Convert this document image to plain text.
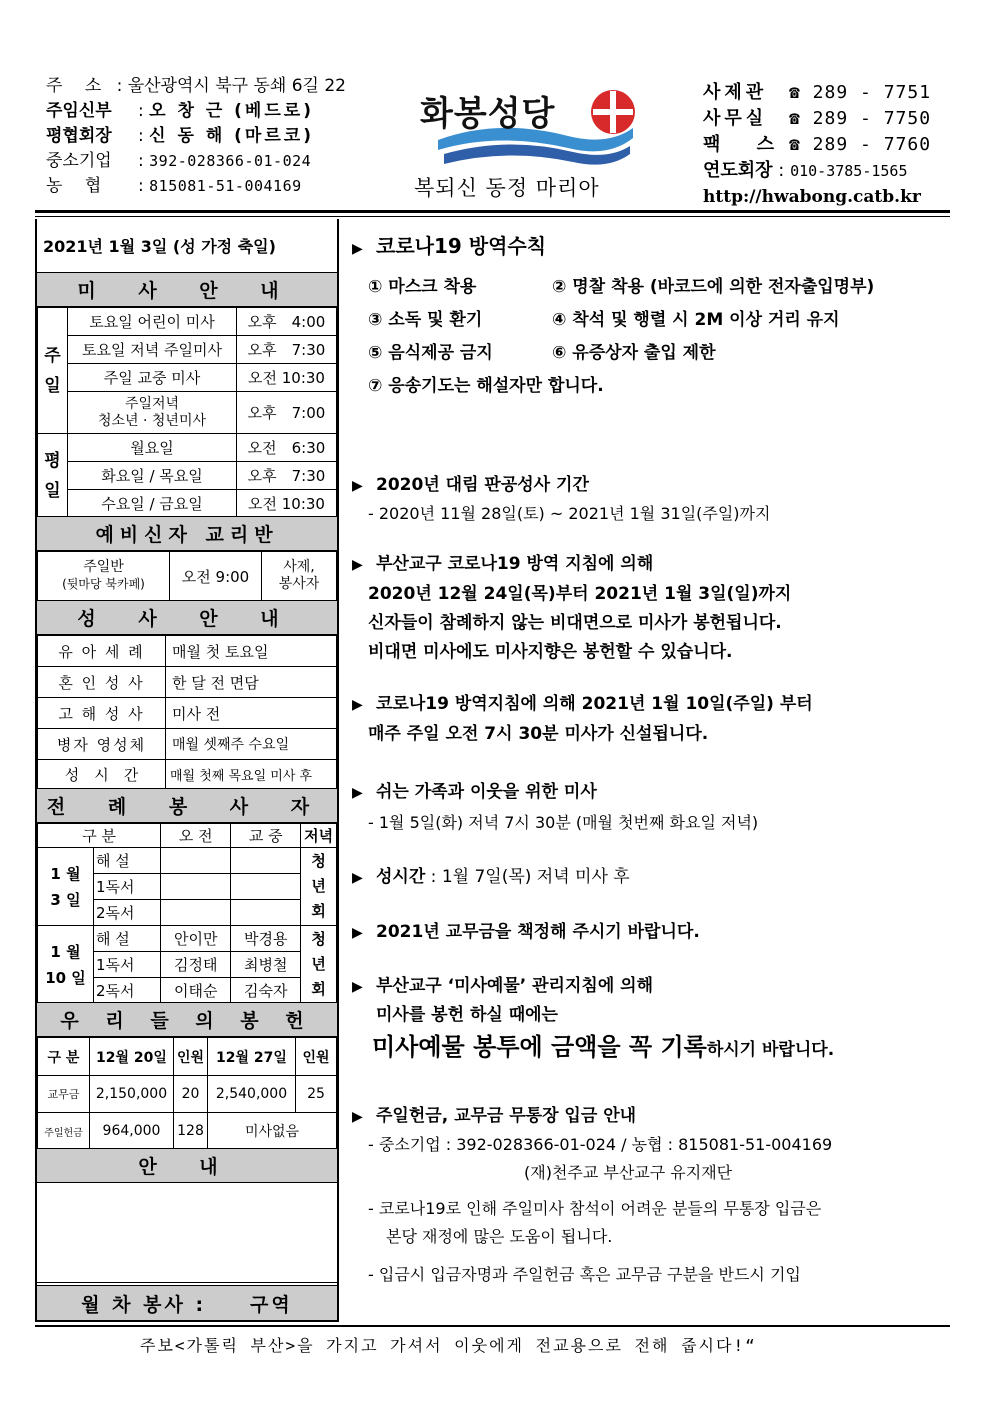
주　 소 : 울산광역시 북구 동쇄 6길 22
주임신부	: 오 창 근 (베드로)
평협회장	: 신 동 해 (마르코)
중소기업	: 392-028366-01-024
농　 협	: 815081-51-004169
화봉성당
복되신 동정 마리아
사제관 ☎ 289 - 7751
사무실 ☎ 289 - 7750
팩　 스 ☎ 289 - 7760
연도회장 : 010-3785-1565
http://hwabong.catb.kr
2021년 1월 3일 (성 가정 축일)
미 사 안 내
주일	토요일 어린이 미사	오후　4:00
	토요일 저녁 주일미사	오후　7:30
	주일 교중 미사	오전 10:30
	주일저녁
청소년 · 청년미사	오후　7:00
평일	월요일	오전　6:30
	화요일 / 목요일	오후　7:30
	수요일 / 금요일	오전 10:30
예비신자 교리반
주일반
(뒷마당 북카페)	오전 9:00	사제,
봉사자
성 사 안 내
유 아 세 례	매월 첫 토요일
혼 인 성 사	한 달 전 면담
고 해 성 사	미사 전
병자 영성체	매월 셋째주 수요일
성　시　간	매월 첫째 목요일 미사 후
전 례 봉 사 자
구 분		오 전	교 중	저녁
1 월
3 일	해 설			청
년
회
	1독서			
	2독서			
1 월
10 일	해 설	안이만	박경용	청
년
회
	1독서	김정태	최병철	
	2독서	이태순	김숙자	
우 리 들 의 봉 헌
구 분	12월 20일	인원	12월 27일	인원
교무금	2,150,000	20	2,540,000	25
주일헌금	964,000	128	미사없음	
안 내
월 차 봉사 :　　구역
▶ 코로나19 방역수칙
① 마스크 착용	② 명찰 착용 (바코드에 의한 전자출입명부)
③ 소독 및 환기	④ 착석 및 행렬 시 2M 이상 거리 유지
⑤ 음식제공 금지	⑥ 유증상자 출입 제한
⑦ 응송기도는 해설자만 합니다.
▶ 2020년 대림 판공성사 기간
- 2020년 11월 28일(토) ~ 2021년 1월 31일(주일)까지
▶ 부산교구 코로나19 방역 지침에 의해
2020년 12월 24일(목)부터 2021년 1월 3일(일)까지
신자들이 참례하지 않는 비대면으로 미사가 봉헌됩니다.
비대면 미사에도 미사지향은 봉헌할 수 있습니다.
▶ 코로나19 방역지침에 의해 2021년 1월 10일(주일) 부터
매주 주일 오전 7시 30분 미사가 신설됩니다.
▶ 쉬는 가족과 이웃을 위한 미사
- 1월 5일(화) 저녁 7시 30분 (매월 첫번째 화요일 저녁)
▶ 성시간 : 1월 7일(목) 저녁 미사 후
▶ 2021년 교무금을 책정해 주시기 바랍니다.
▶ 부산교구 ‘미사예물’ 관리지침에 의해
미사를 봉헌 하실 때에는
미사예물 봉투에 금액을 꼭 기록하시기 바랍니다.
▶ 주일헌금, 교무금 무통장 입금 안내
- 중소기업 : 392-028366-01-024 / 농협 : 815081-51-004169
(재)천주교 부산교구 유지재단
- 코로나19로 인해 주일미사 참석이 어려운 분들의 무통장 입금은
본당 재정에 많은 도움이 됩니다.
- 입금시 입금자명과 주일헌금 혹은 교무금 구분을 반드시 기입
주보<가톨릭 부산>을 가지고 가셔서 이웃에게 전교용으로 전해 줍시다!“
